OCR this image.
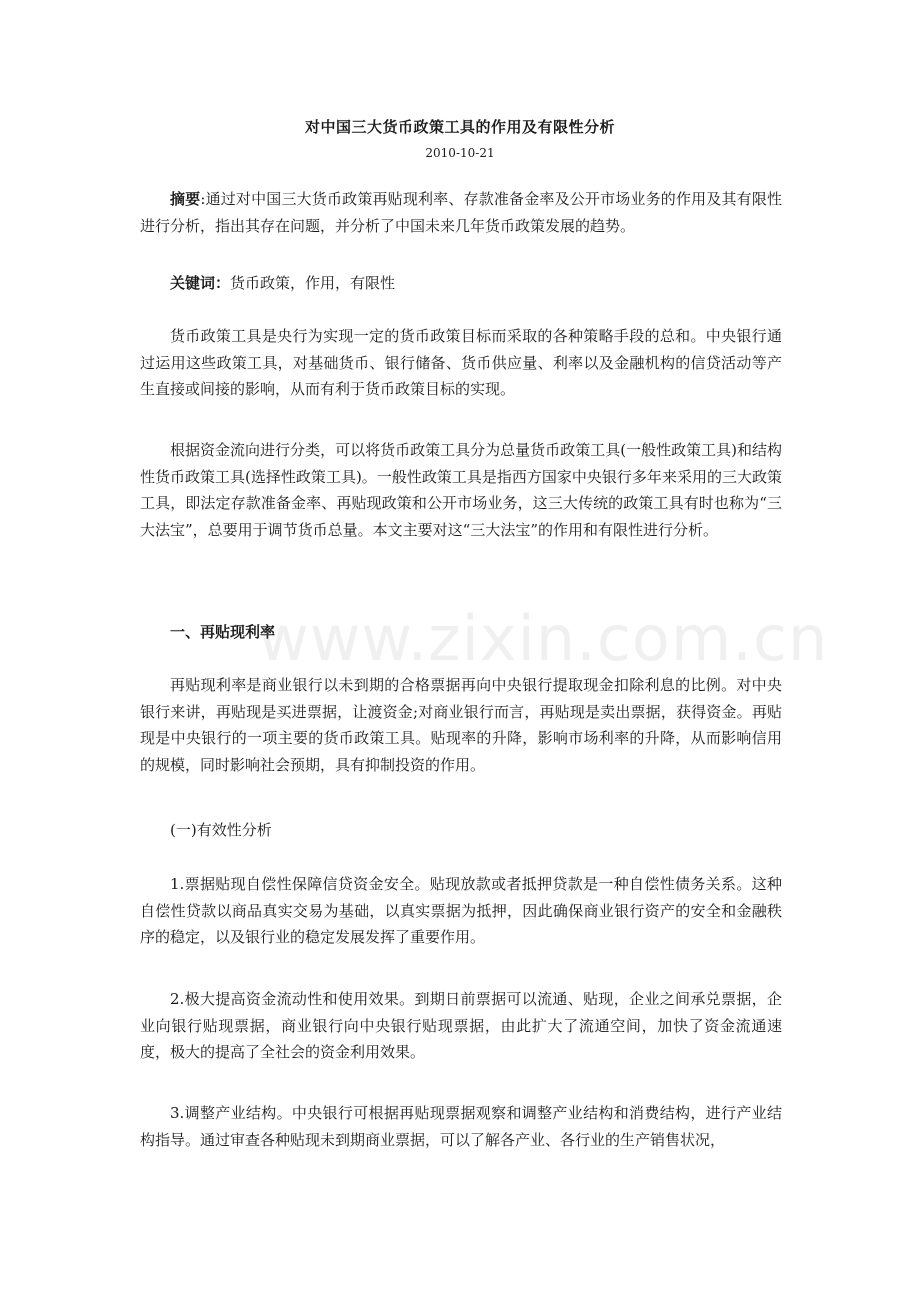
对中国三大货币政策工具的作用及有限性分析
2010-10-21
摘要:通过对中国三大货币政策再贴现利率、存款准备金率及公开市场业务的作用及其有限性进行分析，指出其存在问题，并分析了中国未来几年货币政策发展的趋势。
关键词：货币政策，作用，有限性
货币政策工具是央行为实现一定的货币政策目标而采取的各种策略手段的总和。中央银行通过运用这些政策工具，对基础货币、银行储备、货币供应量、利率以及金融机构的信贷活动等产生直接或间接的影响，从而有利于货币政策目标的实现。
根据资金流向进行分类，可以将货币政策工具分为总量货币政策工具(一般性政策工具)和结构性货币政策工具(选择性政策工具)。一般性政策工具是指西方国家中央银行多年来采用的三大政策工具，即法定存款准备金率、再贴现政策和公开市场业务，这三大传统的政策工具有时也称为“三大法宝”，总要用于调节货币总量。本文主要对这“三大法宝”的作用和有限性进行分析。
一、再贴现利率
再贴现利率是商业银行以未到期的合格票据再向中央银行提取现金扣除利息的比例。对中央银行来讲，再贴现是买进票据，让渡资金;对商业银行而言，再贴现是卖出票据，获得资金。再贴现是中央银行的一项主要的货币政策工具。贴现率的升降，影响市场利率的升降，从而影响信用的规模，同时影响社会预期，具有抑制投资的作用。
(一)有效性分析
1.票据贴现自偿性保障信贷资金安全。贴现放款或者抵押贷款是一种自偿性债务关系。这种自偿性贷款以商品真实交易为基础，以真实票据为抵押，因此确保商业银行资产的安全和金融秩序的稳定，以及银行业的稳定发展发挥了重要作用。
2.极大提高资金流动性和使用效果。到期日前票据可以流通、贴现，企业之间承兑票据，企业向银行贴现票据，商业银行向中央银行贴现票据，由此扩大了流通空间，加快了资金流通速度，极大的提高了全社会的资金利用效果。
3.调整产业结构。中央银行可根据再贴现票据观察和调整产业结构和消费结构，进行产业结构指导。通过审查各种贴现未到期商业票据，可以了解各产业、各行业的生产销售状况，
www.zixin.com.cn
